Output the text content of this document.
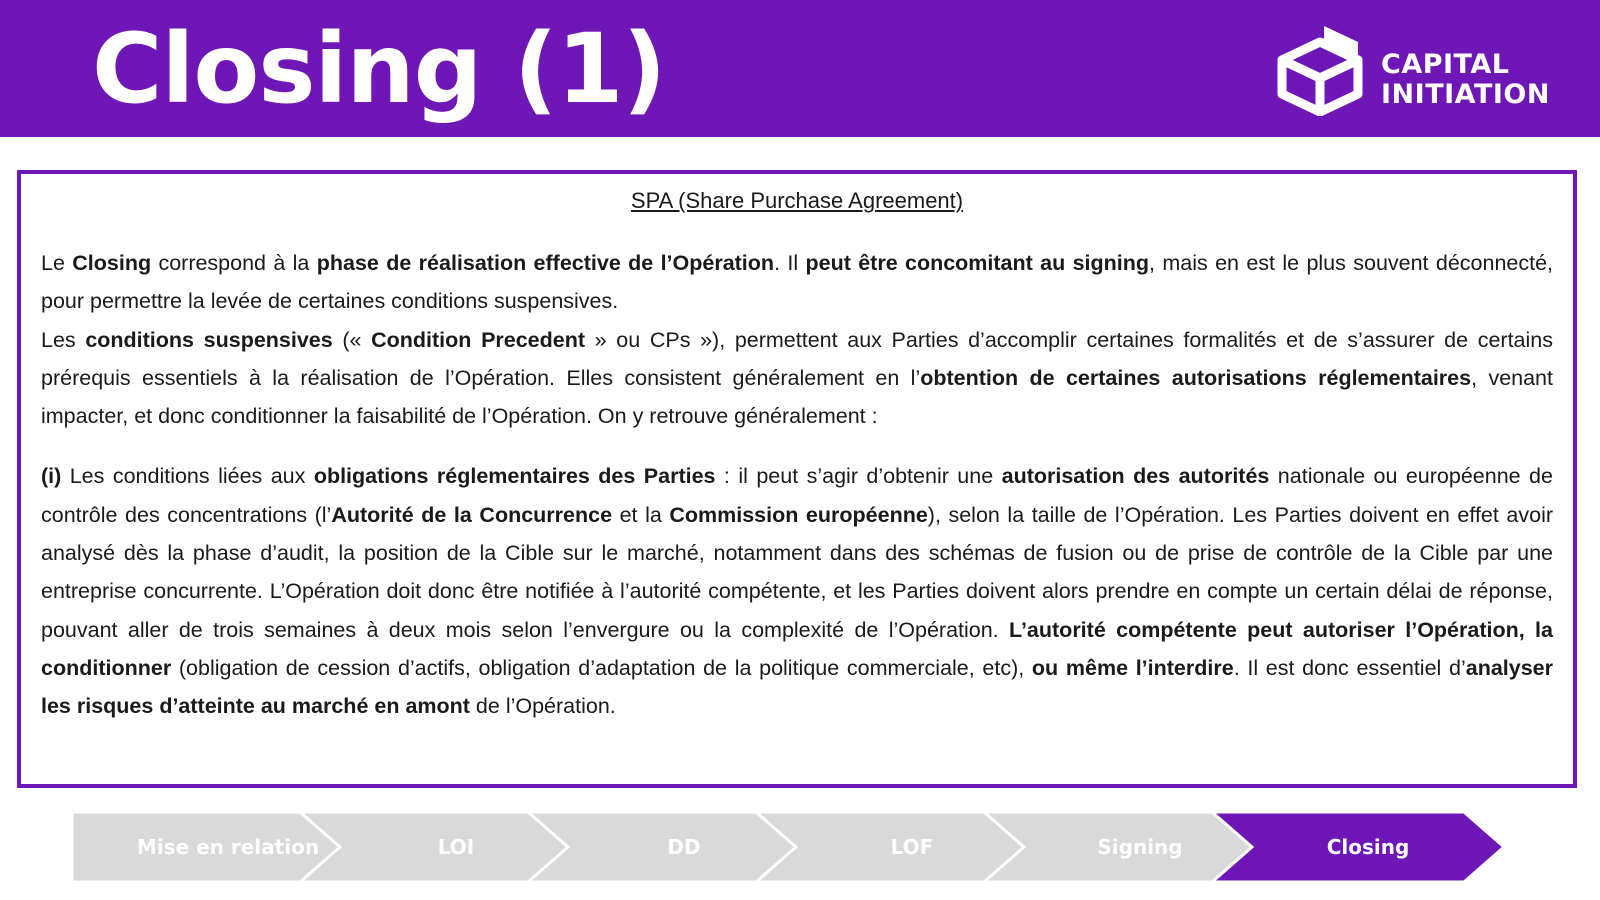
Closing (1)	CAPITAL
INITIATION
SPA (Share Purchase Agreement)

Le Closing correspond à la phase de réalisation effective de l’Opération. Il peut être concomitant au signing, mais en est le plus souvent déconnecté, pour permettre la levée de certaines conditions suspensives.

Les conditions suspensives (« Condition Precedent » ou CPs »), permettent aux Parties d’accomplir certaines formalités et de s’assurer de certains prérequis essentiels à la réalisation de l’Opération. Elles consistent généralement en l’obtention de certaines autorisations réglementaires, venant impacter, et donc conditionner la faisabilité de l’Opération. On y retrouve généralement :

(i) Les conditions liées aux obligations réglementaires des Parties : il peut s’agir d’obtenir une autorisation des autorités nationale ou européenne de contrôle des concentrations (l’Autorité de la Concurrence et la Commission européenne), selon la taille de l’Opération. Les Parties doivent en effet avoir analysé dès la phase d’audit, la position de la Cible sur le marché, notamment dans des schémas de fusion ou de prise de contrôle de la Cible par une entreprise concurrente. L’Opération doit donc être notifiée à l’autorité compétente, et les Parties doivent alors prendre en compte un certain délai de réponse, pouvant aller de trois semaines à deux mois selon l’envergure ou la complexité de l’Opération. L’autorité compétente peut autoriser l’Opération, la conditionner (obligation de cession d’actifs, obligation d’adaptation de la politique commerciale, etc), ou même l’interdire. Il est donc essentiel d’analyser les risques d’atteinte au marché en amont de l’Opération.

Mise en relation	LOI	DD	LOF	Signing	Closing
